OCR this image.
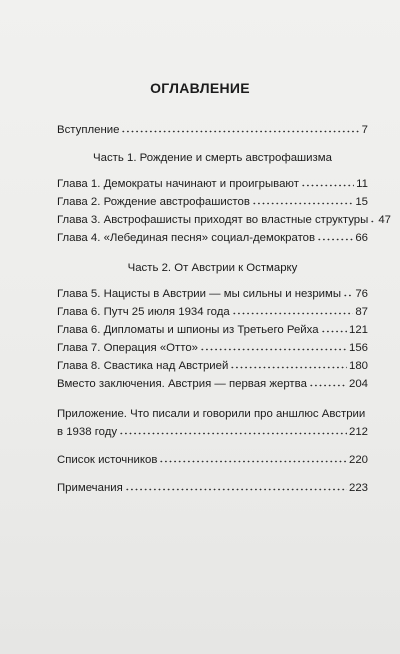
ОГЛАВЛЕНИЕ
Вступление	7
Часть 1. Рождение и смерть австрофашизма
Глава 1. Демократы начинают и проигрывают	11
Глава 2. Рождение австрофашистов	15
Глава 3. Австрофашисты приходят во властные структуры 47
Глава 4. «Лебединая песня» социал-демократов	66
Часть 2. От Австрии к Остмарку
Глава 5. Нацисты в Австрии — мы сильны и незримы 76
Глава 6. Путч 25 июля 1934 года	87
Глава 6. Дипломаты и шпионы из Третьего Рейха	121
Глава 7. Операция «Отто»	156
Глава 8. Свастика над Австрией	180
Вместо заключения. Австрия — первая жертва	204
Приложение. Что писали и говорили про аншлюс Австрии
в 1938 году	212
Список источников	220
Примечания	223
